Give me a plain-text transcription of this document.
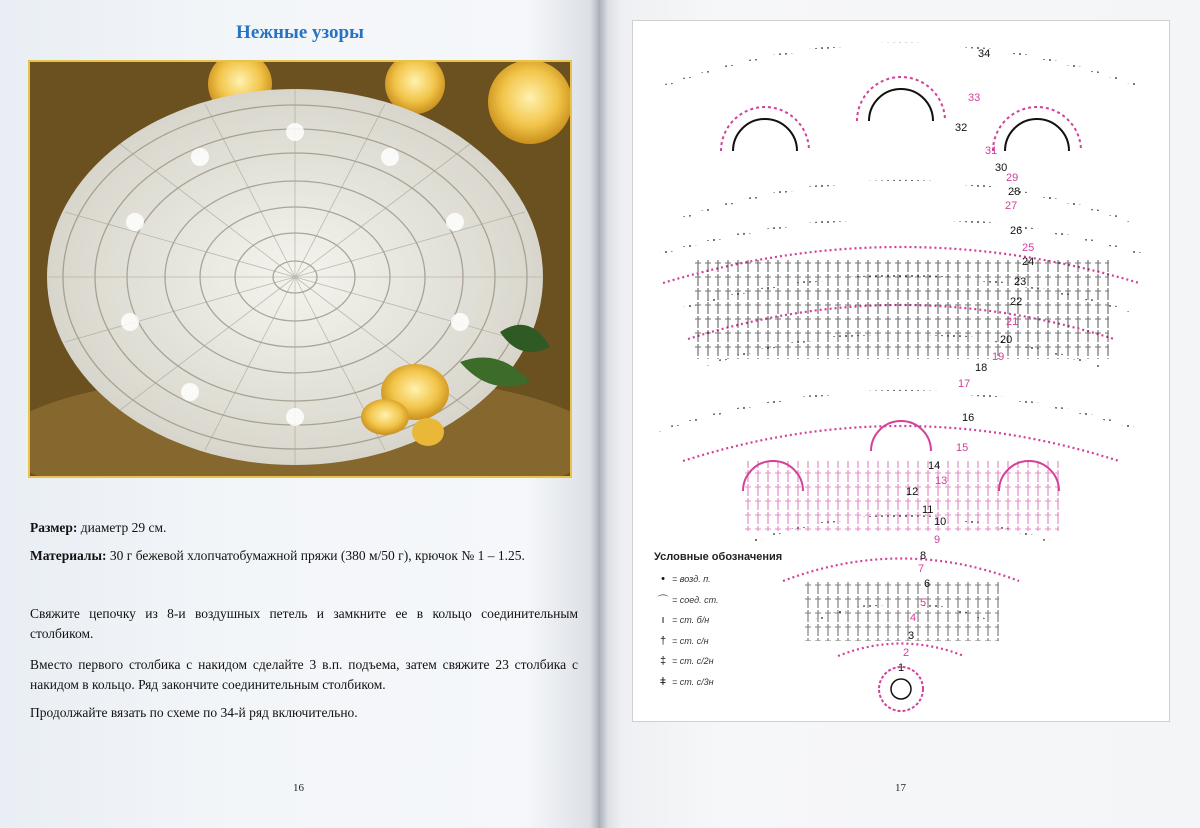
Нежные узоры
Размер: диаметр 29 см.
Материалы: 30 г бежевой хлопчатобумажной пряжи (380 м/50 г), крючок № 1 – 1.25.
Свяжите цепочку из 8-и воздушных петель и замкните ее в кольцо соединительным столбиком.
Вместо первого столбика с накидом сделайте 3 в.п. подъема, затем свяжите 23 столбика с накидом в кольцо. Ряд закончите соединительным столбиком.
Продолжайте вязать по схеме по 34-й ряд включительно.
16
34
33
32
31
30
29
28
27
26
25
24
23
22
21
20
19
18
17
16
15
14
13
12
11
10
9
8
7
6
5
4
3
2
1
Условные обозначения
• = возд. п.
⌒ = соед. ст.
ı = ст. б/н
† = ст. с/н
‡ = ст. с/2н
ǂ = ст. с/3н
17
